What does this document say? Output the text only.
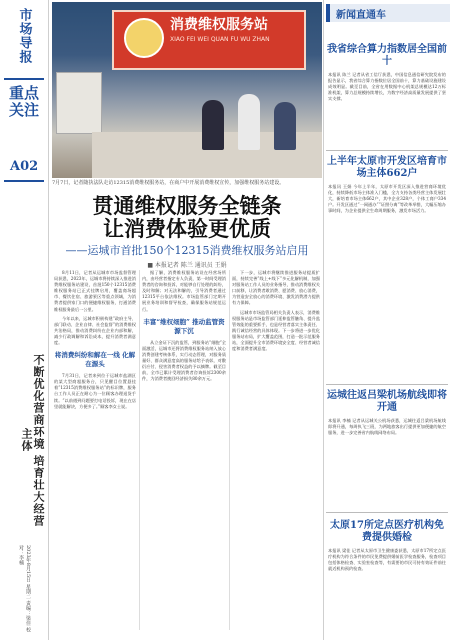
市场导报
重点关注
A02
不断优化营商环境 培育壮大经营主体
2023年8月15日 星期二 责编：梁佳 校对：李楠
消费维权服务站
XIAO FEI WEI QUAN FU WU ZHAN
7月7日，记者随执法队走访12315消费维权服务站，在商户中开展消费维权宣传，加强维权服务站建设。
贯通维权服务全链条
让消费体验更优质
——运城市首批150个12315消费维权服务站启用
■ 本报记者 陈兰 通讯员 王娟

8月11日，记者从运城市市场监督管理局获悉，2023年，运城市将持续深入推进消费维权服务站建设，首批150个12315消费维权服务站已正式挂牌启用，覆盖商场超市、餐饮住宿、旅游景区等重点领域，为消费者提供家门口的便捷维权服务，打通消费维权服务最后一公里。

今年以来，运城市积极构建“政府主导、部门联动、企业自律、社会监督”的消费维权共治格局，推动消费纠纷在企业内部和解，减少行政调解和诉讼成本，提升消费者满意度。

将消费纠纷和解在一线 化解在源头

7月31日，记者来到位于运城市盐湖区的某大型商超服务台，只见醒目位置悬挂着“12315消费维权服务站”的标识牌，服务台工作人员正在耐心为一位顾客办理退货手续。“以前遇到问题要打电话投诉，现在在店里就能解决，方便多了。”顾客李女士说。

据了解，消费维权服务站设在经营场所内，由经营者指定专人负责，第一时间受理消费者的咨询和投诉，对能够自行处理的纠纷，及时和解；对无法和解的，引导消费者通过12315平台依法维权。市场监管部门定期开展业务培训和督导检查，确保服务站规范运行。

丰富“维权细胞” 推动监管资源下沉

从立金证下沉的监管，到服务站“细胞”全面激活，运城市还将消费维权服务站纳入放心消费创建考核体系，实行动态管理，对服务质量好、群众满意度高的服务站给予表彰，对敷衍应付、侵害消费者权益的予以摘牌。截至目前，全市已累计受理消费者咨询投诉2300余件，为消费者挽回经济损失80余万元。

下一步，运城市将继续推进服务站提质扩面，持续完善“线上+线下”多元化解机制，加强对服务站工作人员的业务指导，推动消费维权关口前移，让消费者敢消费、愿消费、放心消费，为营造安全放心的消费环境、激发消费潜力提供有力保障。

运城市市场监管局相关负责人表示，消费维权服务站是市场监管部门延伸监管触角、提升监管效能的重要抓手，也是经营者落实主体责任、践行诚信经营的具体体现。下一步将进一步优化服务站布局，扩大覆盖范围，打造一批示范服务站，全面提升全市消费环境安全度、经营者诚信度和消费者满意度。

新闻直通车
我省综合算力指数居全国前十
本报讯 陈兰 记者从省工信厅获悉，中国信息通信研究院发布的报告显示，我省综合算力指数位居全国前十，算力基础设施建设成效明显。截至目前，全省在用数据中心机架总规模达12万标准机架，算力总规模持续增长，为数字经济高质量发展提供了坚实支撑。
上半年太原市开发区培育市场主体662户
本报讯 王娟 今年上半年，太原市开发区深入推进营商环境优化，持续降低市场主体准入门槛，全力支持各类经营主体发展壮大，新培育市场主体662户，其中企业328户，个体工商户334户。开发区通过“一网通办”“证照分离”等改革举措，大幅压缩办事时间，为企业提供全生命周期服务，激发市场活力。
运城往返吕梁机场航线即将开通
本报讯 李楠 记者从运城关公机场获悉，运城往返吕梁机场航线即将开通，每周执飞三班，为两地旅客出行提供更加便捷的航空服务，进一步完善省内航线网络布局。
太原17所定点医疗机构免费提供婚检
本报讯 梁佳 记者从太原市卫生健康委获悉，太原市17所定点医疗机构为符合条件的市民免费提供婚前医学检查服务，检查项目包括体格检查、实验室检查等，有需要的市民可持有效证件前往就近机构预约检查。
